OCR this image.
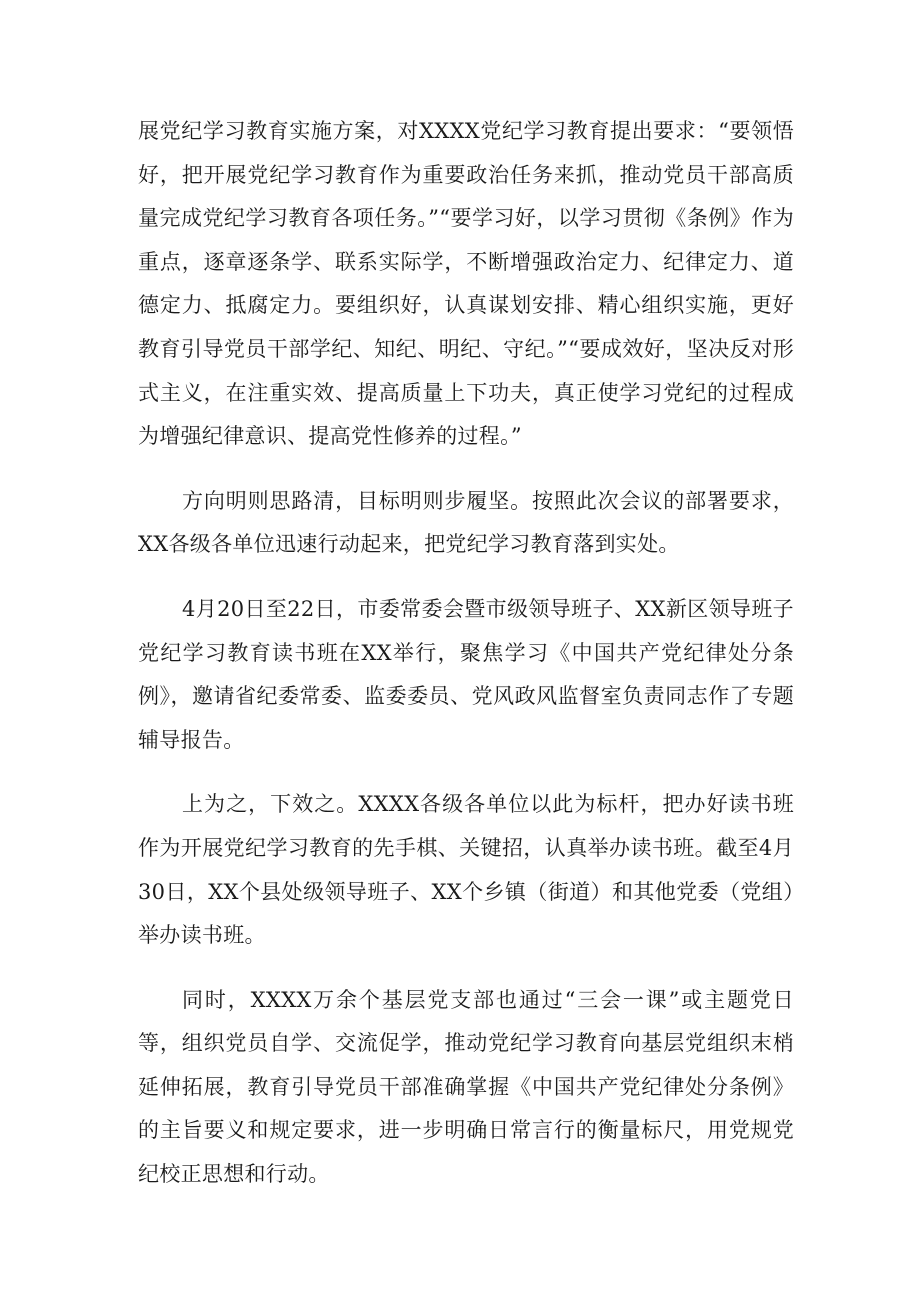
展党纪学习教育实施方案，对XXXX党纪学习教育提出要求：“要领悟好，把开展党纪学习教育作为重要政治任务来抓，推动党员干部高质量完成党纪学习教育各项任务。”“要学习好，以学习贯彻《条例》作为重点，逐章逐条学、联系实际学，不断增强政治定力、纪律定力、道德定力、抵腐定力。要组织好，认真谋划安排、精心组织实施，更好教育引导党员干部学纪、知纪、明纪、守纪。”“要成效好，坚决反对形式主义，在注重实效、提高质量上下功夫，真正使学习党纪的过程成为增强纪律意识、提高党性修养的过程。”

方向明则思路清，目标明则步履坚。按照此次会议的部署要求，XX各级各单位迅速行动起来，把党纪学习教育落到实处。

4月20日至22日，市委常委会暨市级领导班子、XX新区领导班子党纪学习教育读书班在XX举行，聚焦学习《中国共产党纪律处分条例》，邀请省纪委常委、监委委员、党风政风监督室负责同志作了专题辅导报告。

上为之，下效之。XXXX各级各单位以此为标杆，把办好读书班作为开展党纪学习教育的先手棋、关键招，认真举办读书班。截至4月30日，XX个县处级领导班子、XX个乡镇（街道）和其他党委（党组）举办读书班。

同时，XXXX万余个基层党支部也通过“三会一课”或主题党日等，组织党员自学、交流促学，推动党纪学习教育向基层党组织末梢延伸拓展，教育引导党员干部准确掌握《中国共产党纪律处分条例》的主旨要义和规定要求，进一步明确日常言行的衡量标尺，用党规党纪校正思想和行动。
